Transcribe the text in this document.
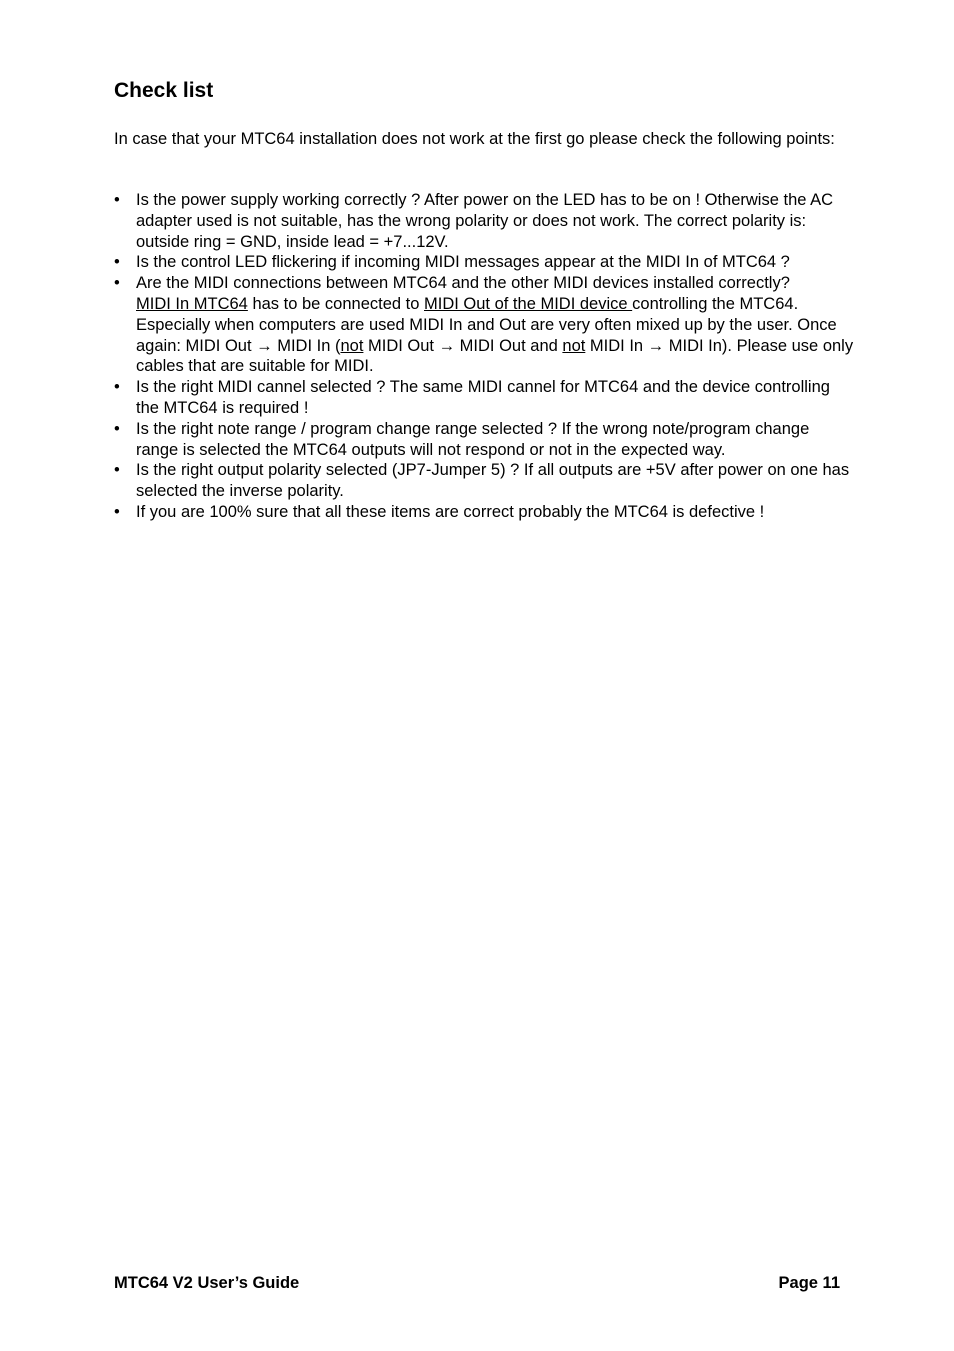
Check list

In case that your MTC64 installation does not work at the first go please check the following points:

• Is the power supply working correctly ? After power on the LED has to be on ! Otherwise the AC adapter used is not suitable, has the wrong polarity or does not work. The correct polarity is: outside ring = GND, inside lead = +7...12V.
• Is the control LED flickering if incoming MIDI messages appear at the MIDI In of MTC64 ?
• Are the MIDI connections between MTC64 and the other MIDI devices installed correctly?
MIDI In MTC64 has to be connected to MIDI Out of the MIDI device controlling the MTC64. Especially when computers are used MIDI In and Out are very often mixed up by the user. Once again: MIDI Out → MIDI In (not MIDI Out → MIDI Out and not MIDI In → MIDI In). Please use only cables that are suitable for MIDI.
• Is the right MIDI cannel selected ? The same MIDI cannel for MTC64 and the device controlling the MTC64 is required !
• Is the right note range / program change range selected ? If the wrong note/program change range is selected the MTC64 outputs will not respond or not in the expected way.
• Is the right output polarity selected (JP7-Jumper 5) ? If all outputs are +5V after power on one has selected the inverse polarity.
• If you are 100% sure that all these items are correct probably the MTC64 is defective !
MTC64 V2 User’s Guide	Page 11
